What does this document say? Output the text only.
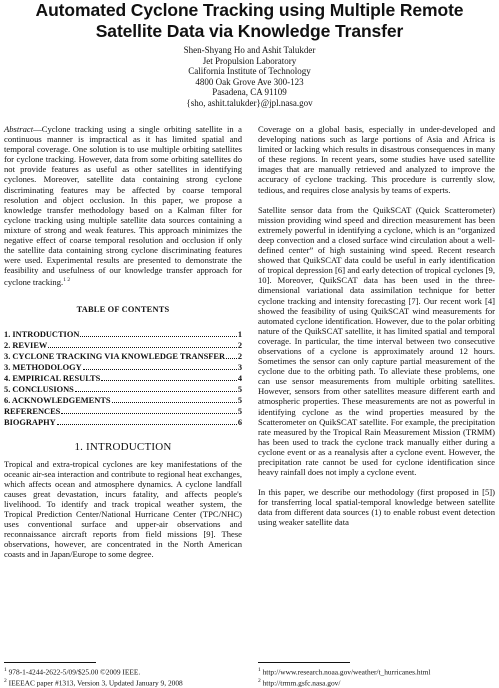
Automated Cyclone Tracking using Multiple Remote
Satellite Data via Knowledge Transfer
Shen-Shyang Ho and Ashit Talukder
Jet Propulsion Laboratory
California Institute of Technology
4800 Oak Grove Ave 300-123
Pasadena, CA 91109
{sho, ashit.talukder}@jpl.nasa.gov

Abstract—Cyclone tracking using a single orbiting satellite in a continuous manner is impractical as it has limited spatial and temporal coverage. One solution is to use multiple orbiting satellites for cyclone tracking. However, data from some orbiting satellites do not provide features as useful as other satellites in identifying cyclones. Moreover, satellite data containing strong cyclone discriminating features may be affected by coarse temporal resolution and object occlusion. In this paper, we propose a knowledge transfer methodology based on a Kalman filter for cyclone tracking using multiple satellite data sources containing a mixture of strong and weak features. This approach minimizes the negative effect of coarse temporal resolution and occlusion if only the satellite data containing strong cyclone discriminating features were used. Experimental results are presented to demonstrate the feasibility and usefulness of our knowledge transfer approach for cyclone tracking.$^{1 2}$

TABLE OF CONTENTS
1. INTRODUCTION	1
2. REVIEW	2
3. CYCLONE TRACKING VIA KNOWLEDGE TRANSFER 2
3. METHODOLOGY	3
4. EMPIRICAL RESULTS	4
5. CONCLUSIONS	5
6. ACKNOWLEDGEMENTS	5
REFERENCES	5
BIOGRAPHY	6
1. INTRODUCTION

Tropical and extra-tropical cyclones are key manifestations of the oceanic air-sea interaction and contribute to regional heat exchanges, which affects ocean and atmosphere dynamics. A cyclone landfall causes great devastation, incurs fatality, and affects people's livelihood. To identify and track tropical weather system, the Tropical Prediction Center/National Hurricane Center (TPC/NHC) uses conventional surface and upper-air observations and reconnaissance aircraft reports from field missions [9]. These observations, however, are concentrated in the North American coasts and in Japan/Europe to some degree.

$^1$ 978-1-4244-2622-5/09/$25.00 ©2009 IEEE.
$^2$ IEEEAC paper #1313, Version 3, Updated January 9, 2008

Coverage on a global basis, especially in under-developed and developing nations such as large portions of Asia and Africa is limited or lacking which results in disastrous consequences in many of these regions. In recent years, some studies have used satellite images that are manually retrieved and analyzed to improve the accuracy of cyclone tracking. This procedure is currently slow, tedious, and requires close analysis by teams of experts.

Satellite sensor data from the QuikSCAT (Quick Scatterometer) mission providing wind speed and direction measurement has been extremely powerful in identifying a cyclone, which is an “organized deep convection and a closed surface wind circulation about a well-defined center” of high sustaining wind speed. Recent research showed that QuikSCAT data could be useful in early identification of tropical depression [6] and early detection of tropical cyclones [9, 10]. Moreover, QuikSCAT data has been used in the three-dimensional variational data assimilation technique for better cyclone tracking and intensity forecasting [7]. Our recent work [4] showed the feasibility of using QuikSCAT wind measurements for automated cyclone identification. However, due to the polar orbiting nature of the QuikSCAT satellite, it has limited spatial and temporal coverage. In particular, the time interval between two consecutive observations of a cyclone is approximately around 12 hours. Sometimes the sensor can only capture partial measurement of the cyclone due to the orbiting path. To alleviate these problems, one can use sensor measurements from multiple orbiting satellites. However, sensors from other satellites measure different earth and atmospheric properties. These measurements are not as powerful in identifying cyclone as the wind properties measured by the Scatterometer on QuikSCAT satellite. For example, the precipitation rate measured by the Tropical Rain Measurement Mission (TRMM) has been used to track the cyclone track manually either during a cyclone event or as a reanalysis after a cyclone event. However, the precipitation rate cannot be used for cyclone identification since heavy rainfall does not imply a cyclone event.

In this paper, we describe our methodology (first proposed in [5]) for transferring local spatial-temporal knowledge between satellite data from different data sources (1) to enable robust event detection using weaker satellite data

$^1$ http://www.research.noaa.gov/weather/t_hurricanes.html
$^2$ http://trmm.gsfc.nasa.gov/
